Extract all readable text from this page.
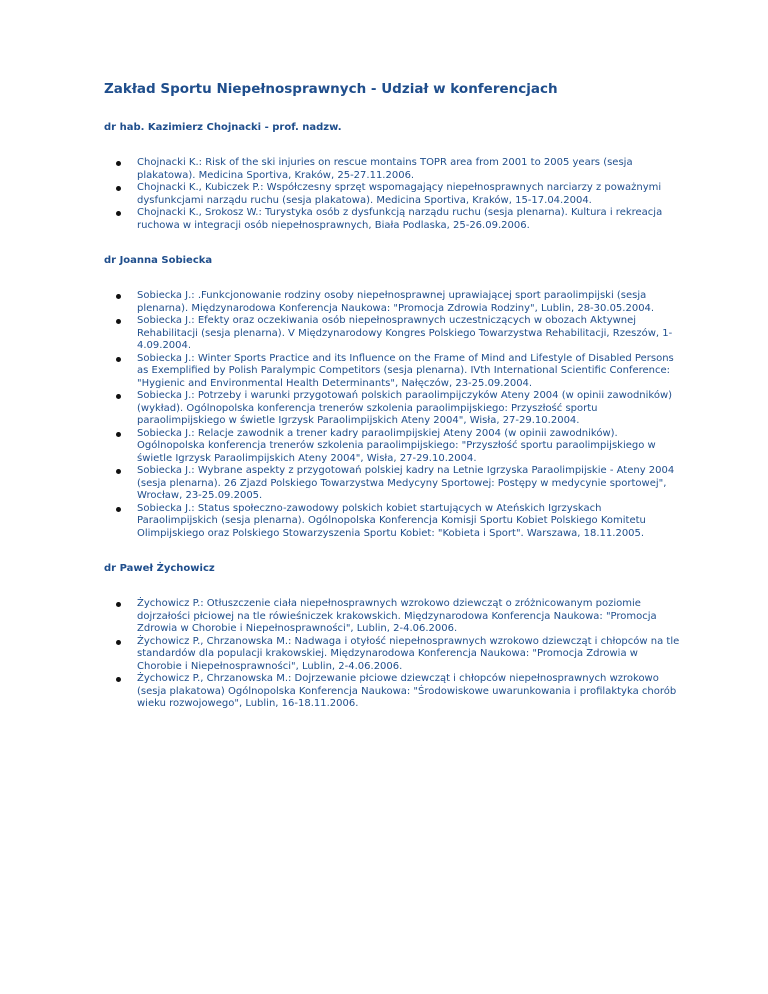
Zakład Sportu Niepełnosprawnych - Udział w konferencjach
dr hab. Kazimierz Chojnacki - prof. nadzw.
Chojnacki K.: Risk of the ski injuries on rescue montains TOPR area from 2001 to 2005 years (sesja plakatowa). Medicina Sportiva, Kraków, 25-27.11.2006.
Chojnacki K., Kubiczek P.: Współczesny sprzęt wspomagający niepełnosprawnych narciarzy z poważnymi dysfunkcjami narządu ruchu (sesja plakatowa). Medicina Sportiva, Kraków, 15-17.04.2004.
Chojnacki K., Srokosz W.: Turystyka osób z dysfunkcją narządu ruchu (sesja plenarna). Kultura i rekreacja ruchowa w integracji osób niepełnosprawnych, Biała Podlaska, 25-26.09.2006.
dr Joanna Sobiecka
Sobiecka J.: .Funkcjonowanie rodziny osoby niepełnosprawnej uprawiającej sport paraolimpijski (sesja plenarna). Międzynarodowa Konferencja Naukowa: "Promocja Zdrowia Rodziny", Lublin, 28-30.05.2004.
Sobiecka J.: Efekty oraz oczekiwania osób niepełnosprawnych uczestniczących w obozach Aktywnej Rehabilitacji (sesja plenarna). V Międzynarodowy Kongres Polskiego Towarzystwa Rehabilitacji, Rzeszów, 1-4.09.2004.
Sobiecka J.: Winter Sports Practice and its Influence on the Frame of Mind and Lifestyle of Disabled Persons as Exemplified by Polish Paralympic Competitors (sesja plenarna). IVth International Scientific Conference: "Hygienic and Environmental Health Determinants", Nałęczów, 23-25.09.2004.
Sobiecka J.: Potrzeby i warunki przygotowań polskich paraolimpijczyków Ateny 2004 (w opinii zawodników) (wykład). Ogólnopolska konferencja trenerów szkolenia paraolimpijskiego: Przyszłość sportu paraolimpijskiego w świetle Igrzysk Paraolimpijskich Ateny 2004", Wisła, 27-29.10.2004.
Sobiecka J.: Relacje zawodnik a trener kadry paraolimpijskiej Ateny 2004 (w opinii zawodników). Ogólnopolska konferencja trenerów szkolenia paraolimpijskiego: "Przyszłość sportu paraolimpijskiego w świetle Igrzysk Paraolimpijskich Ateny 2004", Wisła, 27-29.10.2004.
Sobiecka J.: Wybrane aspekty z przygotowań polskiej kadry na Letnie Igrzyska Paraolimpijskie - Ateny 2004 (sesja plenarna). 26 Zjazd Polskiego Towarzystwa Medycyny Sportowej: Postępy w medycynie sportowej", Wrocław, 23-25.09.2005.
Sobiecka J.: Status społeczno-zawodowy polskich kobiet startujących w Ateńskich Igrzyskach Paraolimpijskich (sesja plenarna). Ogólnopolska Konferencja Komisji Sportu Kobiet Polskiego Komitetu Olimpijskiego oraz Polskiego Stowarzyszenia Sportu Kobiet: "Kobieta i Sport". Warszawa, 18.11.2005.
dr Paweł Żychowicz
Żychowicz P.: Otłuszczenie ciała niepełnosprawnych wzrokowo dziewcząt o zróżnicowanym poziomie dojrzałości płciowej na tle rówieśniczek krakowskich. Międzynarodowa Konferencja Naukowa: "Promocja Zdrowia w Chorobie i Niepełnosprawności", Lublin, 2-4.06.2006.
Żychowicz P., Chrzanowska M.: Nadwaga i otyłość niepełnosprawnych wzrokowo dziewcząt i chłopców na tle standardów dla populacji krakowskiej. Międzynarodowa Konferencja Naukowa: "Promocja Zdrowia w Chorobie i Niepełnosprawności", Lublin, 2-4.06.2006.
Żychowicz P., Chrzanowska M.: Dojrzewanie płciowe dziewcząt i chłopców niepełnosprawnych wzrokowo (sesja plakatowa) Ogólnopolska Konferencja Naukowa: "Środowiskowe uwarunkowania i profilaktyka chorób wieku rozwojowego", Lublin, 16-18.11.2006.
